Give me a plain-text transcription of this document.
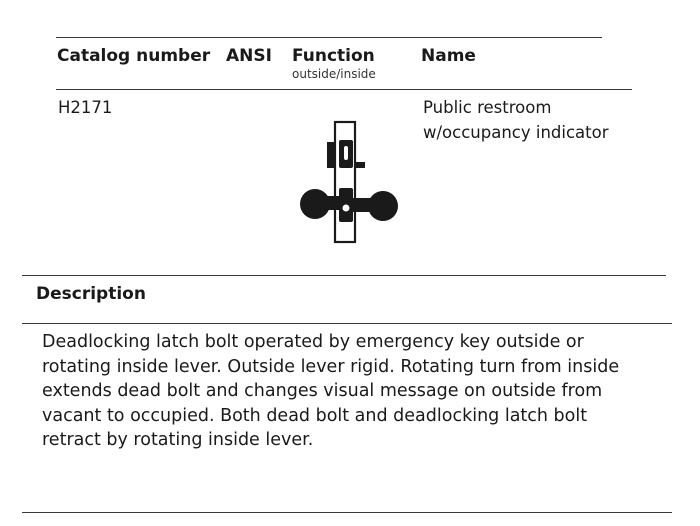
Catalog number ANSI Function
outside/inside
Name
H2171	Public restroom
w/occupancy indicator
Description
Deadlocking latch bolt operated by emergency key outside or
rotating inside lever. Outside lever rigid. Rotating turn from inside
extends dead bolt and changes visual message on outside from
vacant to occupied. Both dead bolt and deadlocking latch bolt
retract by rotating inside lever.
